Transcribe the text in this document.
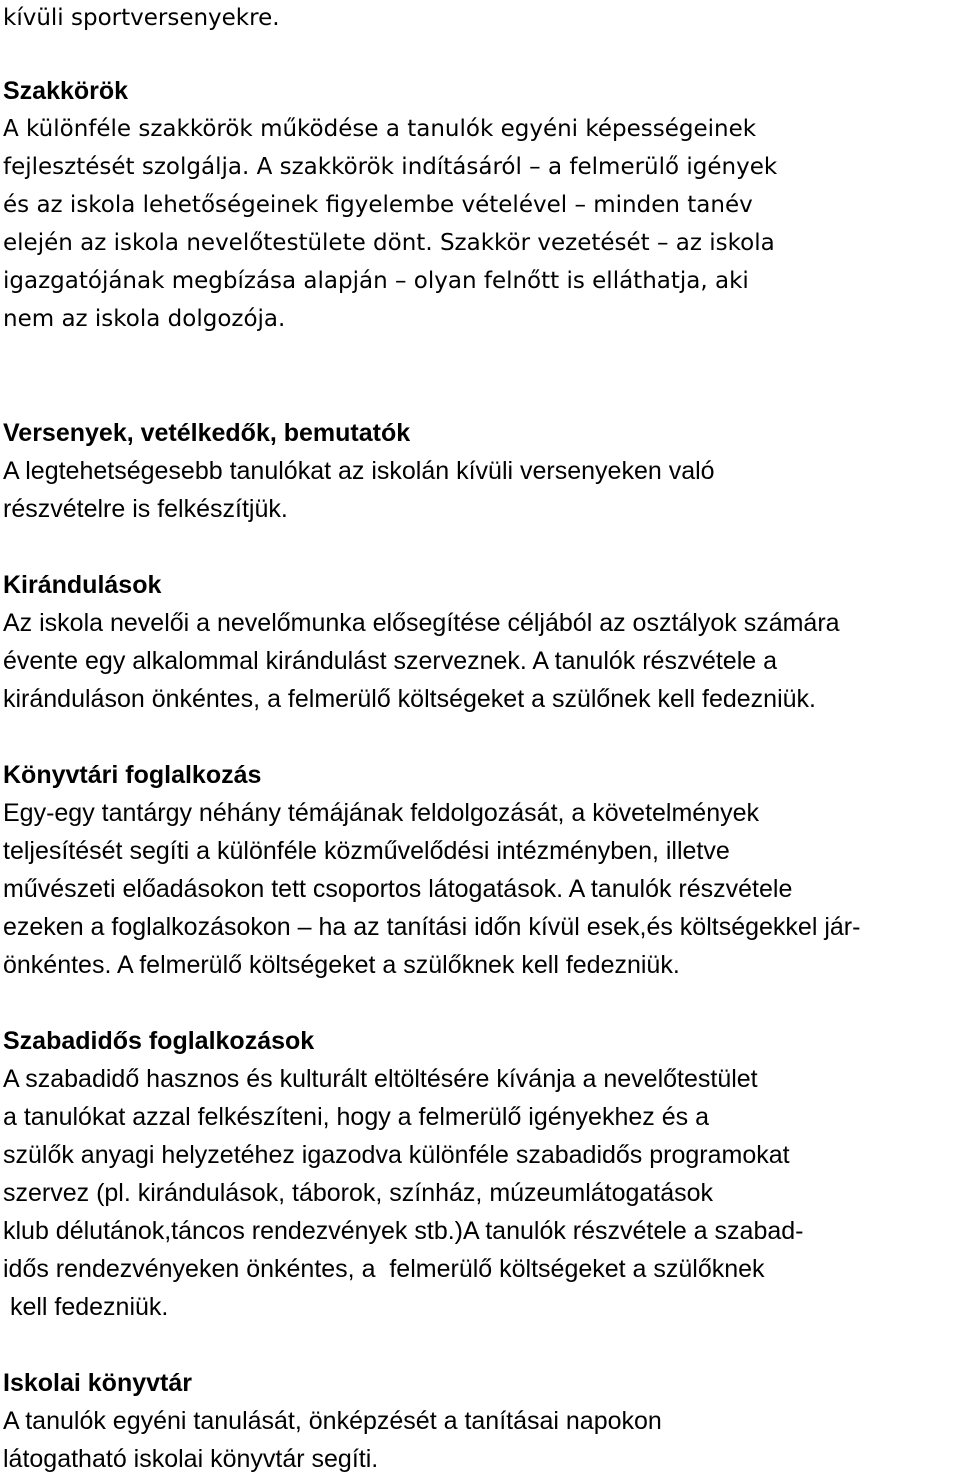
kívüli sportversenyekre.
Szakkörök
A különféle szakkörök működése a tanulók egyéni képességeinek
fejlesztését szolgálja. A szakkörök indításáról – a felmerülő igények
és az iskola lehetőségeinek figyelembe vételével – minden tanév
elején az iskola nevelőtestülete dönt. Szakkör vezetését – az iskola
igazgatójának megbízása alapján – olyan felnőtt is elláthatja, aki
nem az iskola dolgozója.
Versenyek, vetélkedők, bemutatók
A legtehetségesebb tanulókat az iskolán kívüli versenyeken való
részvételre is felkészítjük.
Kirándulások
Az iskola nevelői a nevelőmunka elősegítése céljából az osztályok számára
évente egy alkalommal kirándulást szerveznek. A tanulók részvétele a
kiránduláson önkéntes, a felmerülő költségeket a szülőnek kell fedezniük.
Könyvtári foglalkozás
Egy-egy tantárgy néhány témájának feldolgozását, a követelmények
teljesítését segíti a különféle közművelődési intézményben, illetve
művészeti előadásokon tett csoportos látogatások. A tanulók részvétele
ezeken a foglalkozásokon – ha az tanítási időn kívül esek,és költségekkel jár-
önkéntes. A felmerülő költségeket a szülőknek kell fedezniük.
Szabadidős foglalkozások
A szabadidő hasznos és kulturált eltöltésére kívánja a nevelőtestület
a tanulókat azzal felkészíteni, hogy a felmerülő igényekhez és a
szülők anyagi helyzetéhez igazodva különféle szabadidős programokat
szervez (pl. kirándulások, táborok, színház, múzeumlátogatások
klub délutánok,táncos rendezvények stb.)A tanulók részvétele a szabad-
idős rendezvényeken önkéntes, a  felmerülő költségeket a szülőknek
kell fedezniük.
Iskolai könyvtár
A tanulók egyéni tanulását, önképzését a tanításai napokon
látogatható iskolai könyvtár segíti.
